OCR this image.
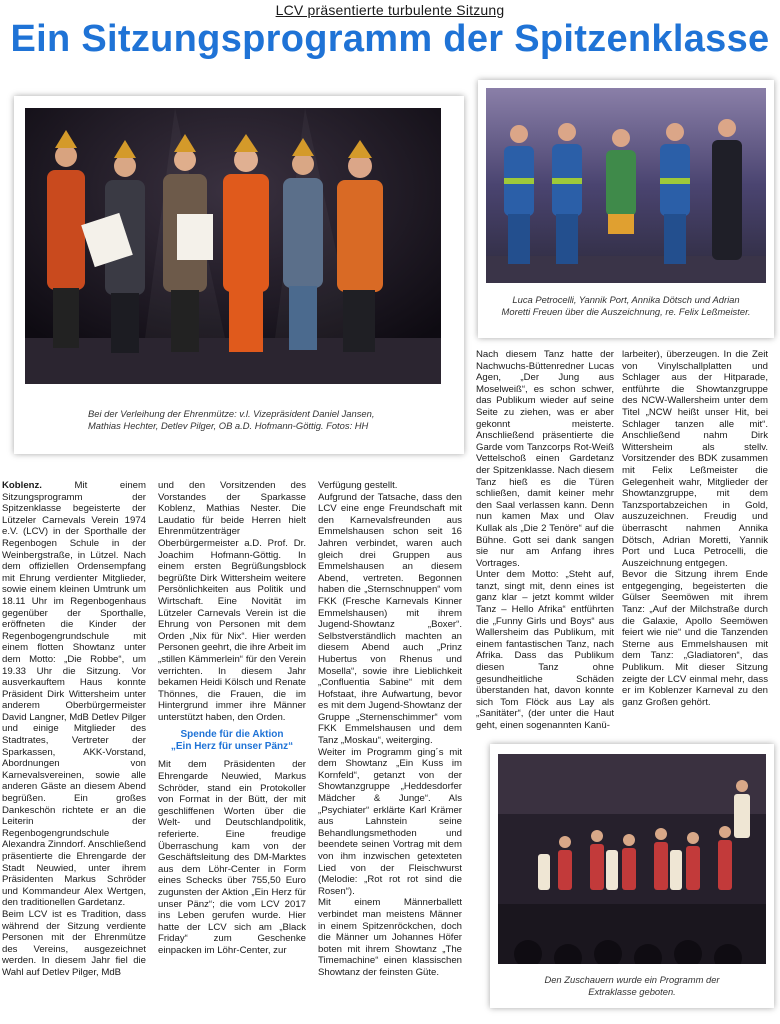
LCV präsentierte turbulente Sitzung
Ein Sitzungsprogramm der Spitzenklasse
Bei der Verleihung der Ehrenmütze: v.l. Vizepräsident Daniel Jansen, Mathias Hechter, Detlev Pilger, OB a.D. Hofmann-Göttig. Fotos: HH
Luca Petrocelli, Yannik Port, Annika Dötsch und Adrian Moretti Freuen über die Auszeichnung, re. Felix Leßmeister.
Den Zuschauern wurde ein Programm der Extraklasse geboten.

Koblenz.	Mit einem Sitzungsprogramm der Spitzenklasse begeisterte der Lützeler Carnevals Verein 1974 e.V. (LCV) in der Sporthalle der Regenbogen Schule in der Weinbergstraße, in Lützel. Nach dem offiziellen Ordensempfang mit Ehrung verdienter Mitglieder, sowie einem kleinen Umtrunk um 18.11 Uhr im Regenbogenhaus gegenüber der Sporthalle, eröffneten die Kinder der Regenbogengrundschule mit einem flotten Showtanz unter dem Motto: „Die Robbe“, um 19.33 Uhr die Sitzung. Vor ausverkauftem Haus konnte Präsident Dirk Wittersheim unter anderem Oberbürgermeister David Langner, MdB Detlev Pilger und einige Mitglieder des Stadtrates, Vertreter der Sparkassen, AKK-Vorstand, Abordnungen von Karnevalsvereinen, sowie alle anderen Gäste an diesem Abend begrüßen. Ein großes Dankeschön richtete er an die Leiterin der Regenbogengrundschule Alexandra Zinndorf. Anschließend präsentierte die Ehrengarde der Stadt Neuwied, unter ihrem Präsidenten Markus Schröder und Kommandeur Alex Wertgen, den traditionellen Gardetanz.

Beim LCV ist es Tradition, dass während der Sitzung verdiente Personen mit der Ehrenmütze des Vereins, ausgezeichnet werden. In diesem Jahr fiel die Wahl auf Detlev Pilger, MdB

und den Vorsitzenden des Vorstandes der Sparkasse Koblenz, Mathias Nester. Die Laudatio für beide Herren hielt Ehrenmützenträger Oberbürgermeister a.D. Prof. Dr. Joachim Hofmann-Göttig. In einem ersten Begrüßungsblock begrüßte Dirk Wittersheim weitere Persönlichkeiten aus Politik und Wirtschaft. Eine Novität im Lützeler Carnevals Verein ist die Ehrung von Personen mit dem Orden „Nix für Nix“. Hier werden Personen geehrt, die ihre Arbeit im „stillen Kämmerlein“ für den Verein verrichten. In diesem Jahr bekamen Heidi Kölsch und Renate Thönnes, die Frauen, die im Hintergrund immer ihre Männer unterstützt haben, den Orden.

Spende für die Aktion
„Ein Herz für unser Pänz“

Mit dem Präsidenten der Ehrengarde Neuwied, Markus Schröder, stand ein Protokoller von Format in der Bütt, der mit geschliffenen Worten über die Welt- und Deutschlandpolitik, referierte. Eine freudige Überraschung kam von der Geschäftsleitung des DM-Marktes aus dem Löhr-Center in Form eines Schecks über 755,50 Euro zugunsten der Aktion „Ein Herz für unser Pänz“; die vom LCV 2017 ins Leben gerufen wurde. Hier hatte der LCV sich am „Black Friday“ zum Geschenke einpacken im Löhr-Center, zur

Verfügung gestellt.

Aufgrund der Tatsache, dass den LCV eine enge Freundschaft mit den Karnevalsfreunden aus Emmelshausen schon seit 16 Jahren verbindet, waren auch gleich drei Gruppen aus Emmelshausen an diesem Abend, vertreten. Begonnen haben die „Sternschnuppen“ vom FKK (Fresche Karnevals Kinner Emmelshausen) mit ihrem Jugend-Showtanz „Boxer“. Selbstverständlich machten an diesem Abend auch „Prinz Hubertus von Rhenus und Mosella“, sowie ihre Lieblichkeit „Confluentia Sabine“ mit dem Hofstaat, ihre Aufwartung, bevor es mit dem Jugend-Showtanz der Gruppe „Sternenschimmer“ vom FKK Emmelshausen und dem Tanz „Moskau“, weiterging.

Weiter im Programm ging´s mit dem Showtanz „Ein Kuss im Kornfeld“, getanzt von der Showtanzgruppe „Heddesdorfer Mädcher & Junge“. Als „Psychiater“ erklärte Karl Krämer aus Lahnstein seine Behandlungsmethoden und beendete seinen Vortrag mit dem von ihm inzwischen getexteten Lied von der Fleischwurst (Melodie: „Rot rot rot sind die Rosen“).

Mit einem Männerballett verbindet man meistens Männer in einem Spitzenröckchen, doch die Männer um Johannes Höfer boten mit ihrem Showtanz „The Timemachine“ einen klassischen Showtanz der feinsten Güte.

Nach diesem Tanz hatte der Nachwuchs-Büttenredner Lucas Agen, „Der Jung aus Moselweiß“, es schon schwer, das Publikum wieder auf seine Seite zu ziehen, was er aber gekonnt meisterte. Anschließend präsentierte die Garde vom Tanzcorps Rot-Weiß Vettelschoß einen Gardetanz der Spitzenklasse. Nach diesem Tanz hieß es die Türen schließen, damit keiner mehr den Saal verlassen kann. Denn nun kamen Max und Olav Kullak als „Die 2 Tenöre“ auf die Bühne. Gott sei dank sangen sie nur am Anfang ihres Vortrages.

Unter dem Motto: „Steht auf, tanzt, singt mit, denn eines ist ganz klar – jetzt kommt wilder Tanz – Hello Afrika“ entführten die „Funny Girls und Boys“ aus Wallersheim das Publikum, mit einem fantastischen Tanz, nach Afrika. Dass das Publikum diesen Tanz ohne gesundheitliche Schäden überstanden hat, davon konnte sich Tom Flöck aus Lay als „Sanitäter“, (der unter die Haut geht, einen sogenannten Kanü-

larbeiter), überzeugen. In die Zeit von Vinylschallplatten und Schlager aus der Hitparade, entführte die Showtanzgruppe des NCW-Wallersheim unter dem Titel „NCW heißt unser Hit, bei Schlager tanzen alle mit“. Anschließend nahm Dirk Wittersheim als stellv. Vorsitzender des BDK zusammen mit Felix Leßmeister die Gelegenheit wahr, Mitglieder der Showtanzgruppe, mit dem Tanzsportabzeichen in Gold, auszuzeichnen. Freudig und überrascht nahmen Annika Dötsch, Adrian Moretti, Yannik Port und Luca Petrocelli, die Auszeichnung entgegen.

Bevor die Sitzung ihrem Ende entgegenging, begeisterten die Gülser Seemöwen mit ihrem Tanz: „Auf der Milchstraße durch die Galaxie, Apollo Seemöwen feiert wie nie“ und die Tanzenden Sterne aus Emmelshausen mit dem Tanz: „Gladiatoren“, das Publikum. Mit dieser Sitzung zeigte der LCV einmal mehr, dass er im Koblenzer Karneval zu den ganz Großen gehört.
